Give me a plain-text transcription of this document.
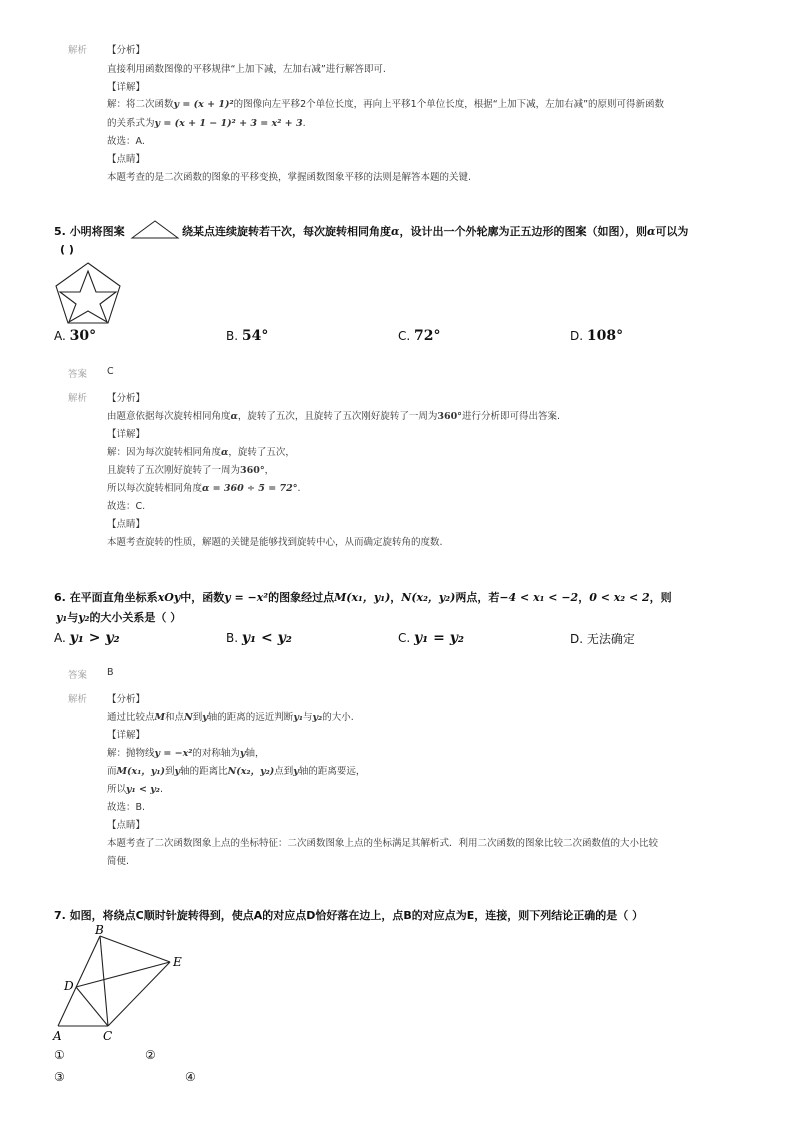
解析 【分析】
直接利用函数图像的平移规律“上加下减，左加右减”进行解答即可.
【详解】
解：将二次函数y = (x + 1)²的图像向左平移2个单位长度，再向上平移1个单位长度，根据“上加下减，左加右减”的原则可得新函数
的关系式为y = (x + 1 − 1)² + 3 = x² + 3.
故选：A.
【点睛】
本题考查的是二次函数的图象的平移变换，掌握函数图象平移的法则是解答本题的关键.
5. 小明将图案	绕某点连续旋转若干次，每次旋转相同角度α，设计出一个外轮廓为正五边形的图案（如图），则α可以为
( )
A. 30°	B. 54°	C. 72°	D. 108°
答案 C
解析 【分析】
由题意依据每次旋转相同角度α，旋转了五次，且旋转了五次刚好旋转了一周为360°进行分析即可得出答案.
【详解】
解：因为每次旋转相同角度α，旋转了五次，
且旋转了五次刚好旋转了一周为360°，
所以每次旋转相同角度α = 360 ÷ 5 = 72°.
故选：C.
【点睛】
本题考查旋转的性质，解题的关键是能够找到旋转中心，从而确定旋转角的度数.
6. 在平面直角坐标系xOy中，函数y = −x²的图象经过点M(x₁，y₁)，N(x₂，y₂)两点，若−4 < x₁ < −2，0 < x₂ < 2，则
y₁与y₂的大小关系是（ ）
A. y₁ > y₂	B. y₁ < y₂	C. y₁ = y₂	D. 无法确定
答案 B
解析 【分析】
通过比较点M和点N到y轴的距离的远近判断y₁与y₂的大小.
【详解】
解：抛物线y = −x²的对称轴为y轴，
而M(x₁，y₁)到y轴的距离比N(x₂，y₂)点到y轴的距离要远，
所以y₁ < y₂.
故选：B.
【点睛】
本题考查了二次函数图象上点的坐标特征：二次函数图象上点的坐标满足其解析式．利用二次函数的图象比较二次函数值的大小比较
简便.
7. 如图，将绕点C顺时针旋转得到，使点A的对应点D恰好落在边上，点B的对应点为E，连接，则下列结论正确的是（ ）
B
E
D
A	C
①	②
③	④
